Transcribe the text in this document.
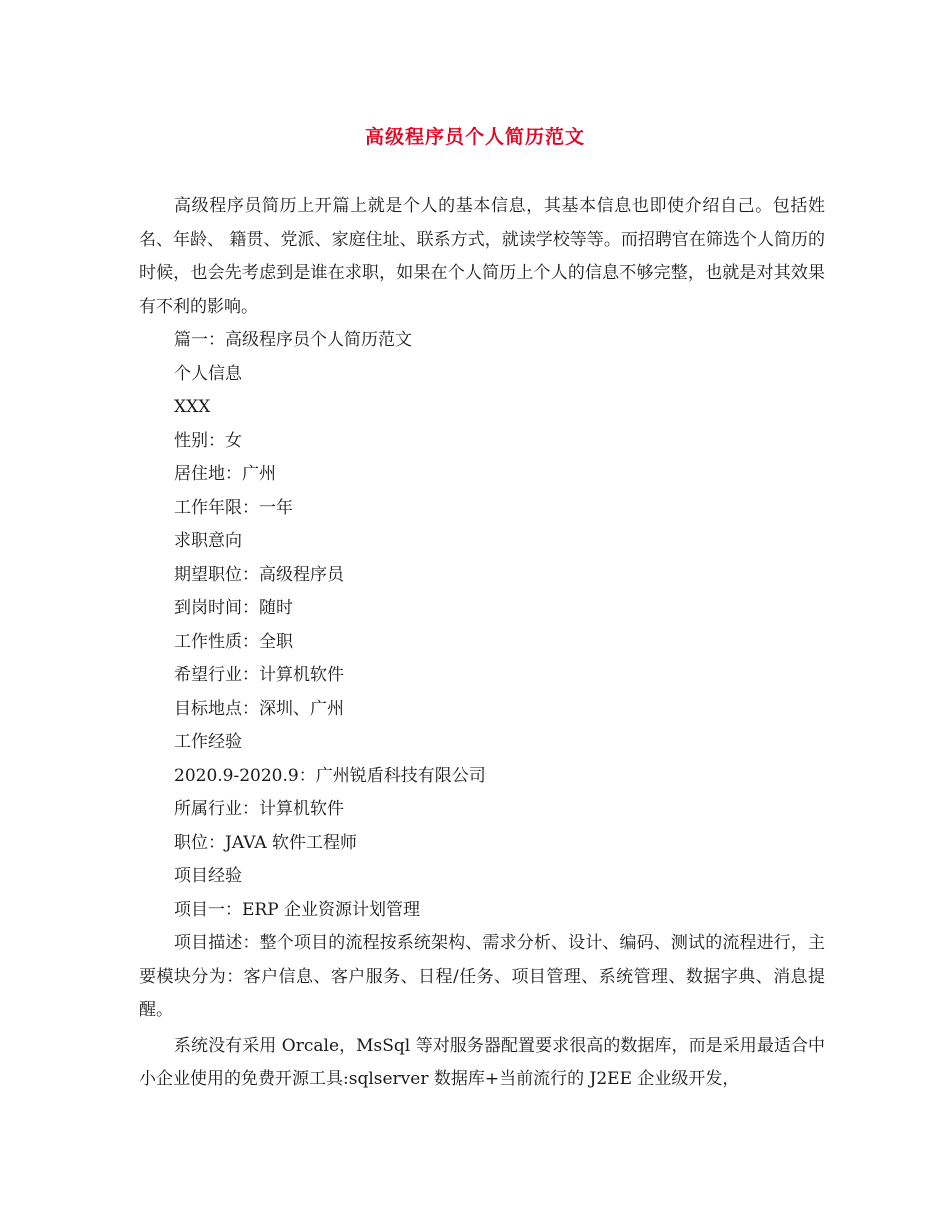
高级程序员个人简历范文

高级程序员简历上开篇上就是个人的基本信息，其基本信息也即使介绍自己。包括姓名、年龄、 籍贯、党派、家庭住址、联系方式，就读学校等等。而招聘官在筛选个人简历的时候，也会先考虑到是谁在求职，如果在个人简历上个人的信息不够完整，也就是对其效果有不利的影响。

篇一：高级程序员个人简历范文

个人信息

XXX

性别：女

居住地：广州

工作年限：一年

求职意向

期望职位：高级程序员

到岗时间：随时

工作性质：全职

希望行业：计算机软件

目标地点：深圳、广州

工作经验

2020.9-2020.9：广州锐盾科技有限公司

所属行业：计算机软件

职位：JAVA 软件工程师

项目经验

项目一：ERP 企业资源计划管理

项目描述：整个项目的流程按系统架构、需求分析、设计、编码、测试的流程进行，主要模块分为：客户信息、客户服务、日程/任务、项目管理、系统管理、数据字典、消息提醒。

系统没有采用 Orcale，MsSql 等对服务器配置要求很高的数据库，而是采用最适合中小企业使用的免费开源工具:sqlserver 数据库+当前流行的 J2EE 企业级开发，
